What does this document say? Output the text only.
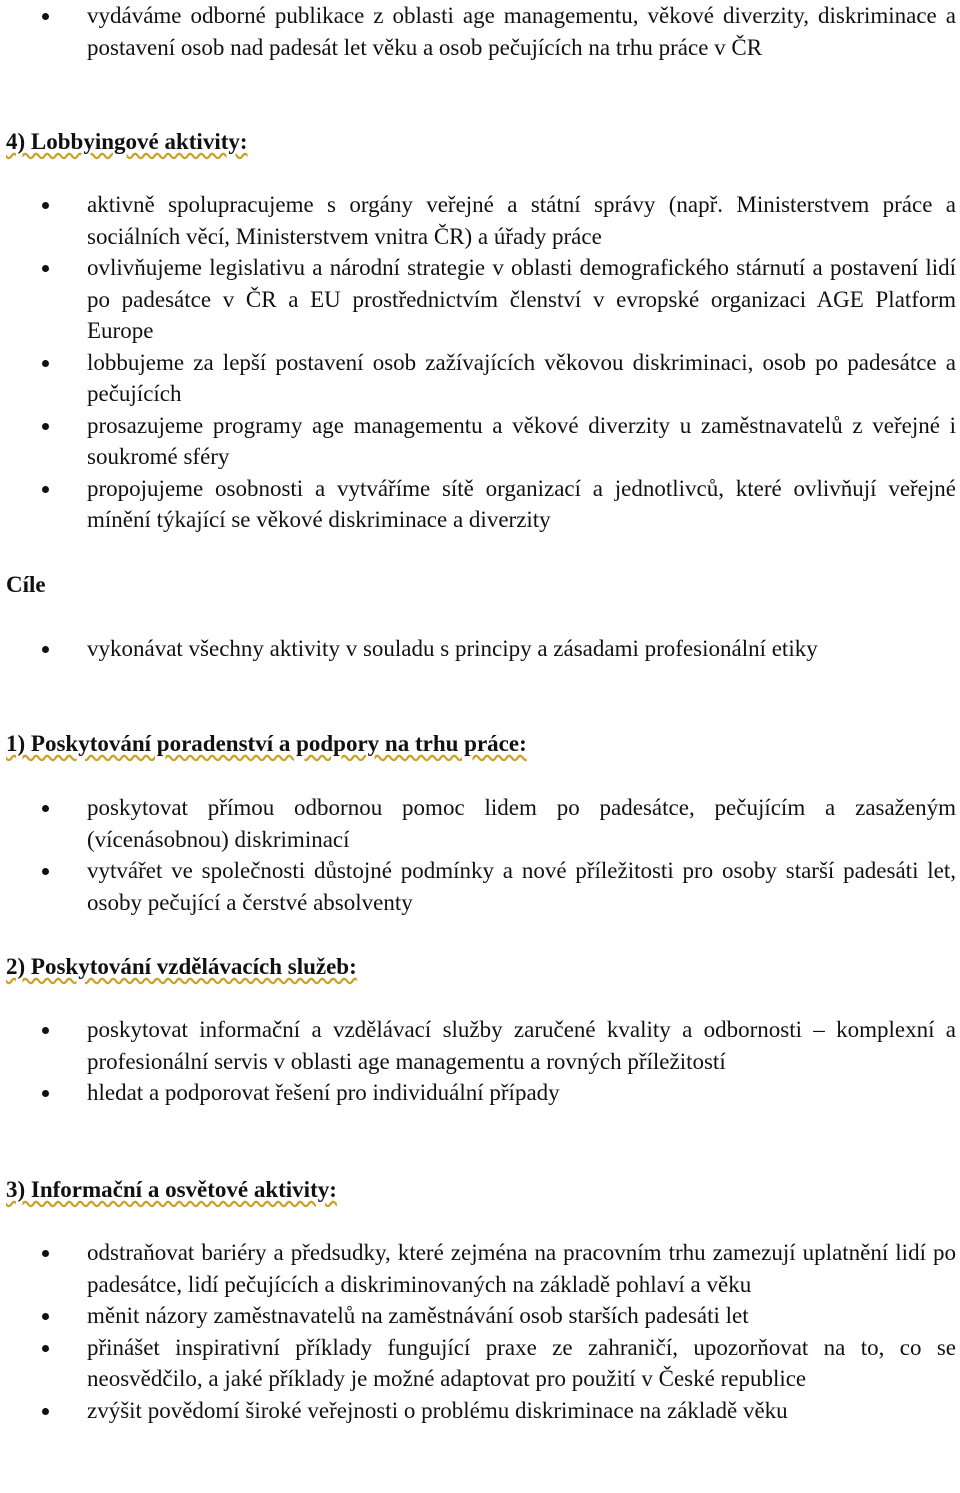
vydáváme odborné publikace z oblasti age managementu, věkové diverzity, diskriminace a postavení osob nad padesát let věku a osob pečujících na trhu práce v ČR
4) Lobbyingové aktivity:
aktivně spolupracujeme s orgány veřejné a státní správy (např. Ministerstvem práce a sociálních věcí, Ministerstvem vnitra ČR) a úřady práce
ovlivňujeme legislativu a národní strategie v oblasti demografického stárnutí a postavení lidí po padesátce v ČR a EU prostřednictvím členství v evropské organizaci AGE Platform Europe
lobbujeme za lepší postavení osob zažívajících věkovou diskriminaci, osob po padesátce a pečujících
prosazujeme programy age managementu a věkové diverzity u zaměstnavatelů z veřejné i soukromé sféry
propojujeme osobnosti a vytváříme sítě organizací a jednotlivců, které ovlivňují veřejné mínění týkající se věkové diskriminace a diverzity
Cíle
vykonávat všechny aktivity v souladu s principy a zásadami profesionální etiky
1) Poskytování poradenství a podpory na trhu práce:
poskytovat přímou odbornou pomoc lidem po padesátce, pečujícím a zasaženým (vícenásobnou) diskriminací
vytvářet ve společnosti důstojné podmínky a nové příležitosti pro osoby starší padesáti let, osoby pečující a čerstvé absolventy
2) Poskytování vzdělávacích služeb:
poskytovat informační a vzdělávací služby zaručené kvality a odbornosti – komplexní a profesionální servis v oblasti age managementu a rovných příležitostí
hledat a podporovat řešení pro individuální případy
3) Informační a osvětové aktivity:
odstraňovat bariéry a předsudky, které zejména na pracovním trhu zamezují uplatnění lidí po padesátce, lidí pečujících a diskriminovaných na základě pohlaví a věku
měnit názory zaměstnavatelů na zaměstnávání osob starších padesáti let
přinášet inspirativní příklady fungující praxe ze zahraničí, upozorňovat na to, co se neosvědčilo, a jaké příklady je možné adaptovat pro použití v České republice
zvýšit povědomí široké veřejnosti o problému diskriminace na základě věku
